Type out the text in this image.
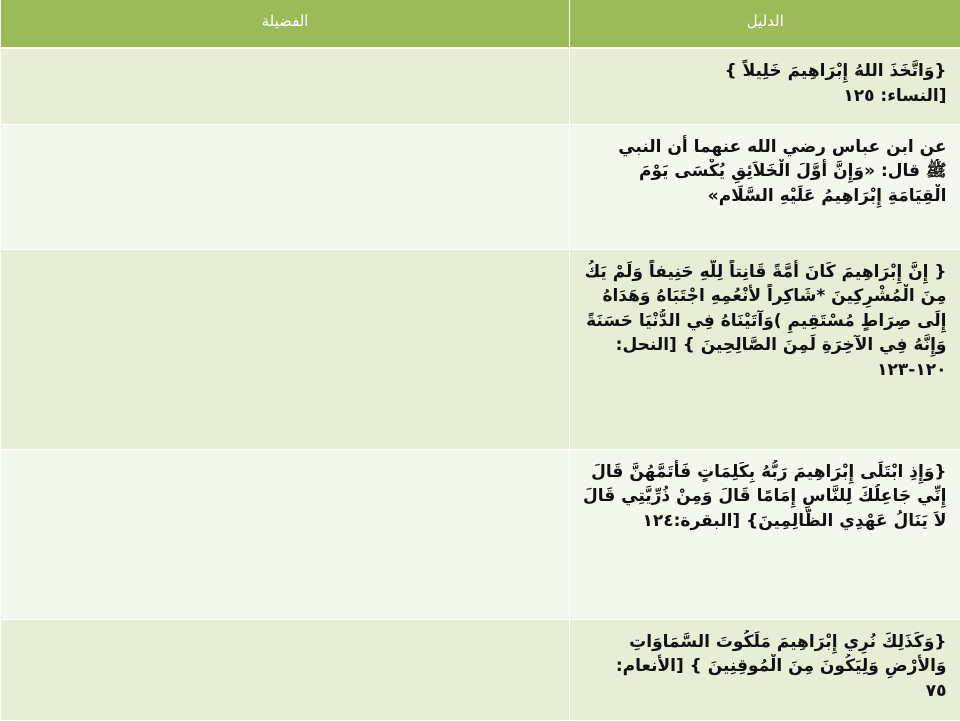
الدليل	الفضيلة

{وَاتَّخَذَ اللهُ إِبْرَاهِيمَ خَلِيلاً }
[النساء: ١٢٥	

عن ابن عباس رضي الله عنهما أن النبي
ﷺ قال: «وَإِنَّ أَوَّلَ الْخَلاَئِقِ يُكْسَى يَوْمَ
الْقِيَامَةِ إِبْرَاهِيمُ عَلَيْهِ السَّلَام»	

{ إِنَّ إِبْرَاهِيمَ كَانَ أُمَّةً قَانِتاً لِلَّهِ حَنِيفاً وَلَمْ يَكُ
مِنَ الْمُشْرِكِينَ *شَاكِراً لأَنْعُمِهِ اجْتَبَاهُ وَهَدَاهُ
إِلَى صِرَاطٍ مُسْتَقِيمٍ )وَآتَيْنَاهُ فِي الدُّنْيَا حَسَنَةً
وَإِنَّهُ فِي الآخِرَةِ لَمِنَ الصَّالِحِينَ } [النحل:
١٢٠-١٢٣	

{وَإِذِ ابْتَلَى إِبْرَاهِيمَ رَبُّهُ بِكَلِمَاتٍ فَأَتَمَّهُنَّ قَالَ
إِنِّي جَاعِلُكَ لِلنَّاسِ إِمَامًا قَالَ وَمِنْ ذُرِّيَّتِي قَالَ
لاَ يَنَالُ عَهْدِي الظَّالِمِينَ} [البقرة:١٢٤	

{وَكَذَلِكَ نُرِي إِبْرَاهِيمَ مَلَكُوتَ السَّمَاوَاتِ
وَالأَرْضِ وَلِيَكُونَ مِنَ الْمُوقِنِينَ } [الأنعام:
٧٥	
